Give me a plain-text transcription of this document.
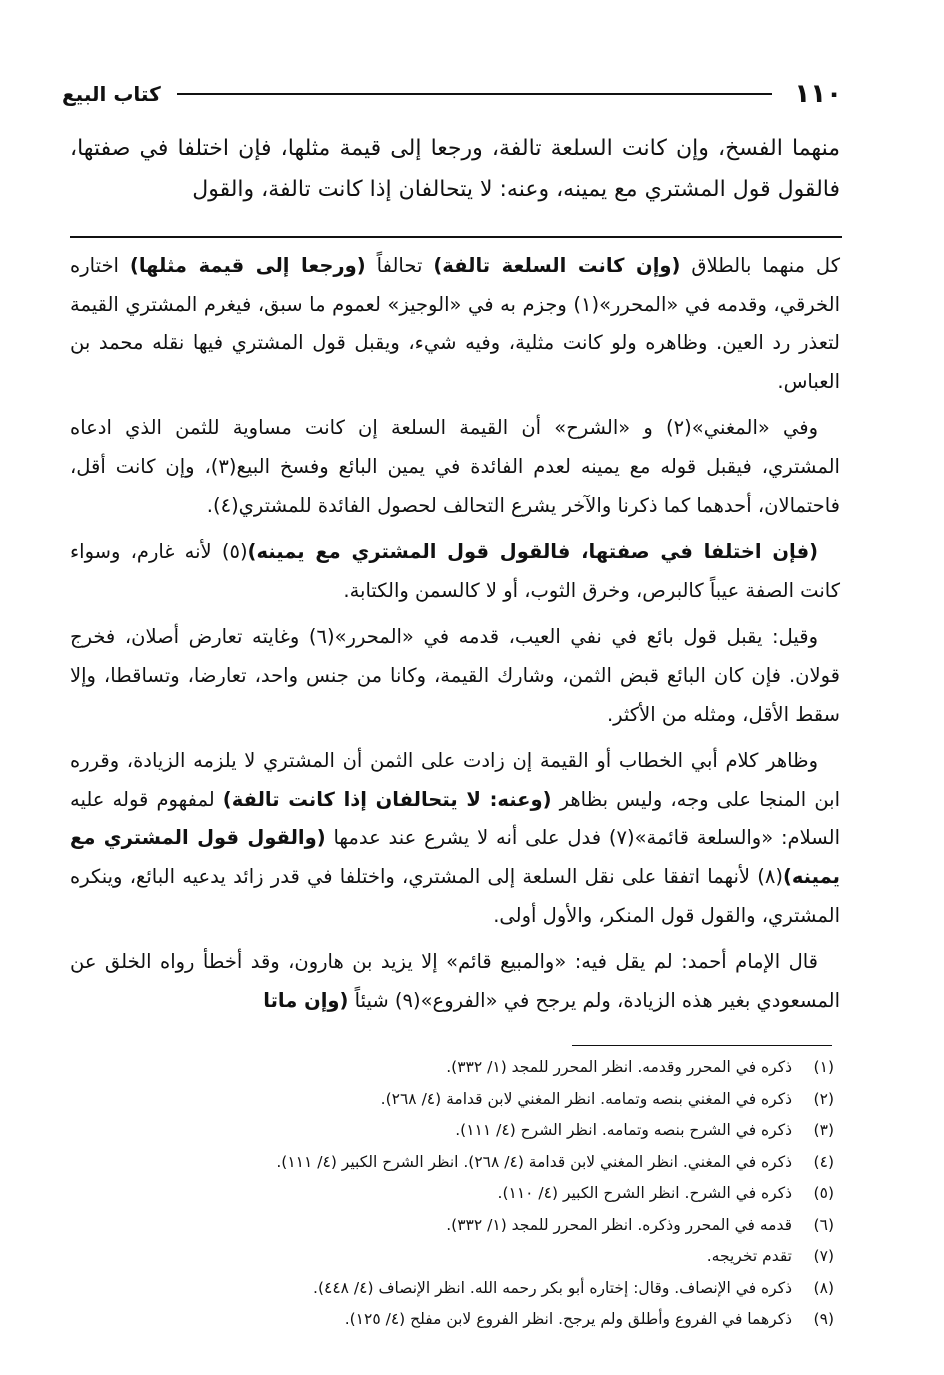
١١٠
كتاب البيع
منهما الفسخ، وإن كانت السلعة تالفة، ورجعا إلى قيمة مثلها، فإن اختلفا في صفتها، فالقول قول المشتري مع يمينه، وعنه: لا يتحالفان إذا كانت تالفة، والقول

كل منهما بالطلاق (وإن كانت السلعة تالفة) تحالفاً (ورجعا إلى قيمة مثلها) اختاره الخرقي، وقدمه في «المحرر»(١) وجزم به في «الوجيز» لعموم ما سبق، فيغرم المشتري القيمة لتعذر رد العين. وظاهره ولو كانت مثلية، وفيه شيء، ويقبل قول المشتري فيها نقله محمد بن العباس.

وفي «المغني»(٢) و «الشرح» أن القيمة السلعة إن كانت مساوية للثمن الذي ادعاه المشتري، فيقبل قوله مع يمينه لعدم الفائدة في يمين البائع وفسخ البيع(٣)، وإن كانت أقل، فاحتمالان، أحدهما كما ذكرنا والآخر يشرع التحالف لحصول الفائدة للمشتري(٤).

(فإن اختلفا في صفتها، فالقول قول المشتري مع يمينه)(٥) لأنه غارم، وسواء كانت الصفة عيباً كالبرص، وخرق الثوب، أو لا كالسمن والكتابة.

وقيل: يقبل قول بائع في نفي العيب، قدمه في «المحرر»(٦) وغايته تعارض أصلان، فخرج قولان. فإن كان البائع قبض الثمن، وشارك القيمة، وكانا من جنس واحد، تعارضا، وتساقطا، وإلا سقط الأقل، ومثله من الأكثر.

وظاهر كلام أبي الخطاب أو القيمة إن زادت على الثمن أن المشتري لا يلزمه الزيادة، وقرره ابن المنجا على وجه، وليس بظاهر (وعنه: لا يتحالفان إذا كانت تالفة) لمفهوم قوله عليه السلام: «والسلعة قائمة»(٧) فدل على أنه لا يشرع عند عدمها (والقول قول المشتري مع يمينه)(٨) لأنهما اتفقا على نقل السلعة إلى المشتري، واختلفا في قدر زائد يدعيه البائع، وينكره المشتري، والقول قول المنكر، والأول أولى.

قال الإمام أحمد: لم يقل فيه: «والمبيع قائم» إلا يزيد بن هارون، وقد أخطأ رواه الخلق عن المسعودي بغير هذه الزيادة، ولم يرجح في «الفروع»(٩) شيئاً (وإن ماتا

(١)
ذكره في المحرر وقدمه. انظر المحرر للمجد (١/ ٣٣٢).
(٢)
ذكره في المغني بنصه وتمامه. انظر المغني لابن قدامة (٤/ ٢٦٨).
(٣)
ذكره في الشرح بنصه وتمامه. انظر الشرح (٤/ ١١١).
(٤)
ذكره في المغني. انظر المغني لابن قدامة (٤/ ٢٦٨). انظر الشرح الكبير (٤/ ١١١).
(٥)
ذكره في الشرح. انظر الشرح الكبير (٤/ ١١٠).
(٦)
قدمه في المحرر وذكره. انظر المحرر للمجد (١/ ٣٣٢).
(٧)
تقدم تخريجه.
(٨)
ذكره في الإنصاف. وقال: إختاره أبو بكر رحمه الله. انظر الإنصاف (٤/ ٤٤٨).
(٩)
ذكرهما في الفروع وأطلق ولم يرجح. انظر الفروع لابن مفلح (٤/ ١٢٥).
